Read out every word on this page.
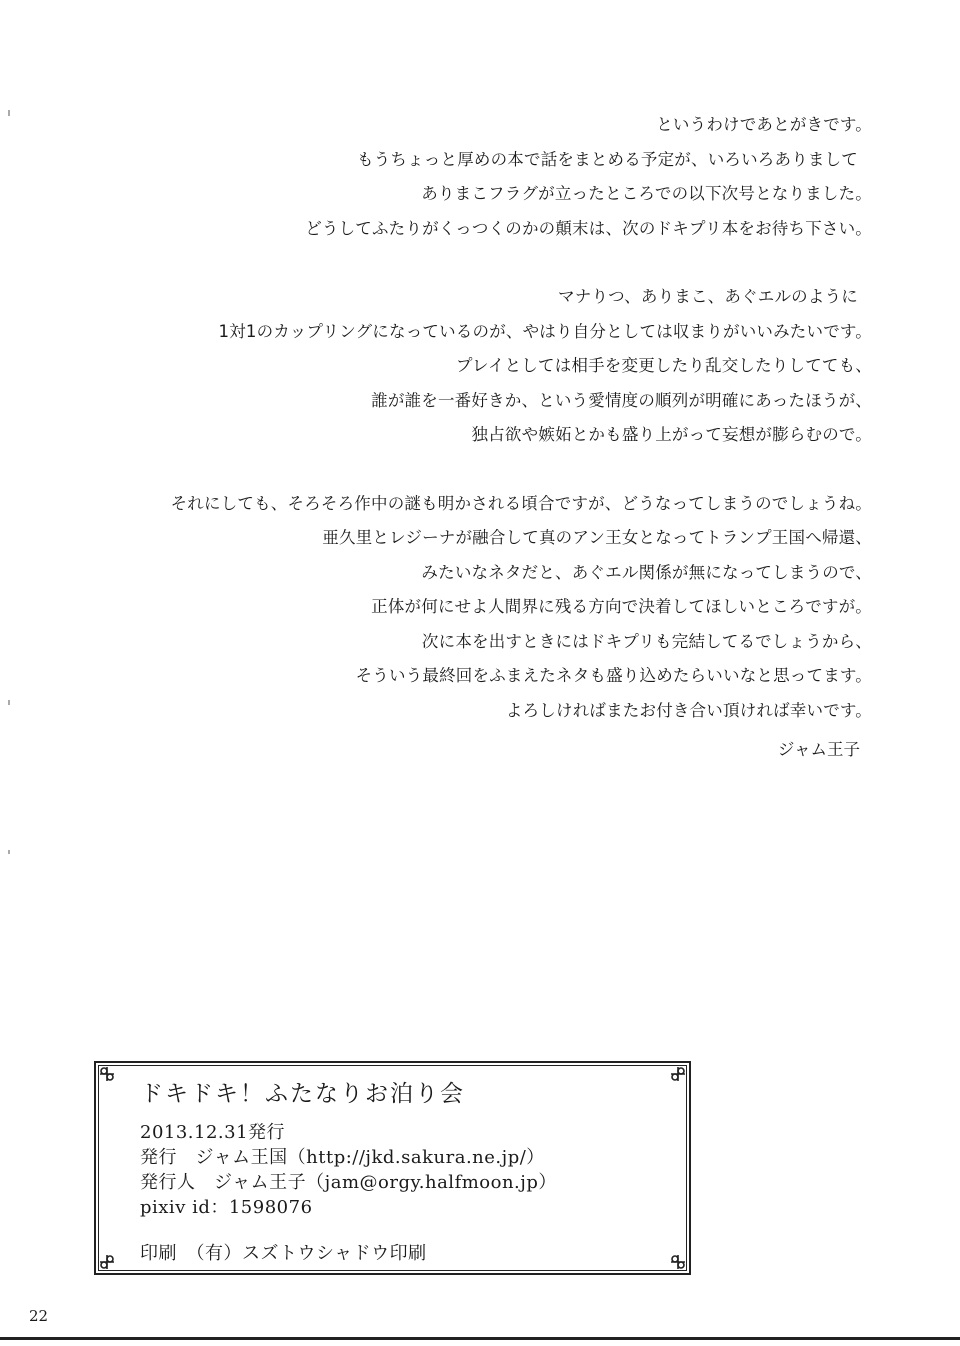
というわけであとがきです。
もうちょっと厚めの本で話をまとめる予定が、いろいろありまして
ありまこフラグが立ったところでの以下次号となりました。
どうしてふたりがくっつくのかの顛末は、次のドキプリ本をお待ち下さい。
マナりつ、ありまこ、あぐエルのように
1対1のカップリングになっているのが、やはり自分としては収まりがいいみたいです。
プレイとしては相手を変更したり乱交したりしてても、
誰が誰を一番好きか、という愛情度の順列が明確にあったほうが、
独占欲や嫉妬とかも盛り上がって妄想が膨らむので。
それにしても、そろそろ作中の謎も明かされる頃合ですが、どうなってしまうのでしょうね。
亜久里とレジーナが融合して真のアン王女となってトランプ王国へ帰還、
みたいなネタだと、あぐエル関係が無になってしまうので、
正体が何にせよ人間界に残る方向で決着してほしいところですが。
次に本を出すときにはドキプリも完結してるでしょうから、
そういう最終回をふまえたネタも盛り込めたらいいなと思ってます。
よろしければまたお付き合い頂ければ幸いです。
ジャム王子
ドキドキ！ふたなりお泊り会
2013.12.31発行
発行　ジャム王国（http://jkd.sakura.ne.jp/）
発行人　ジャム王子（jam@orgy.halfmoon.jp）
pixiv id：1598076
印刷　（有）スズトウシャドウ印刷
22
